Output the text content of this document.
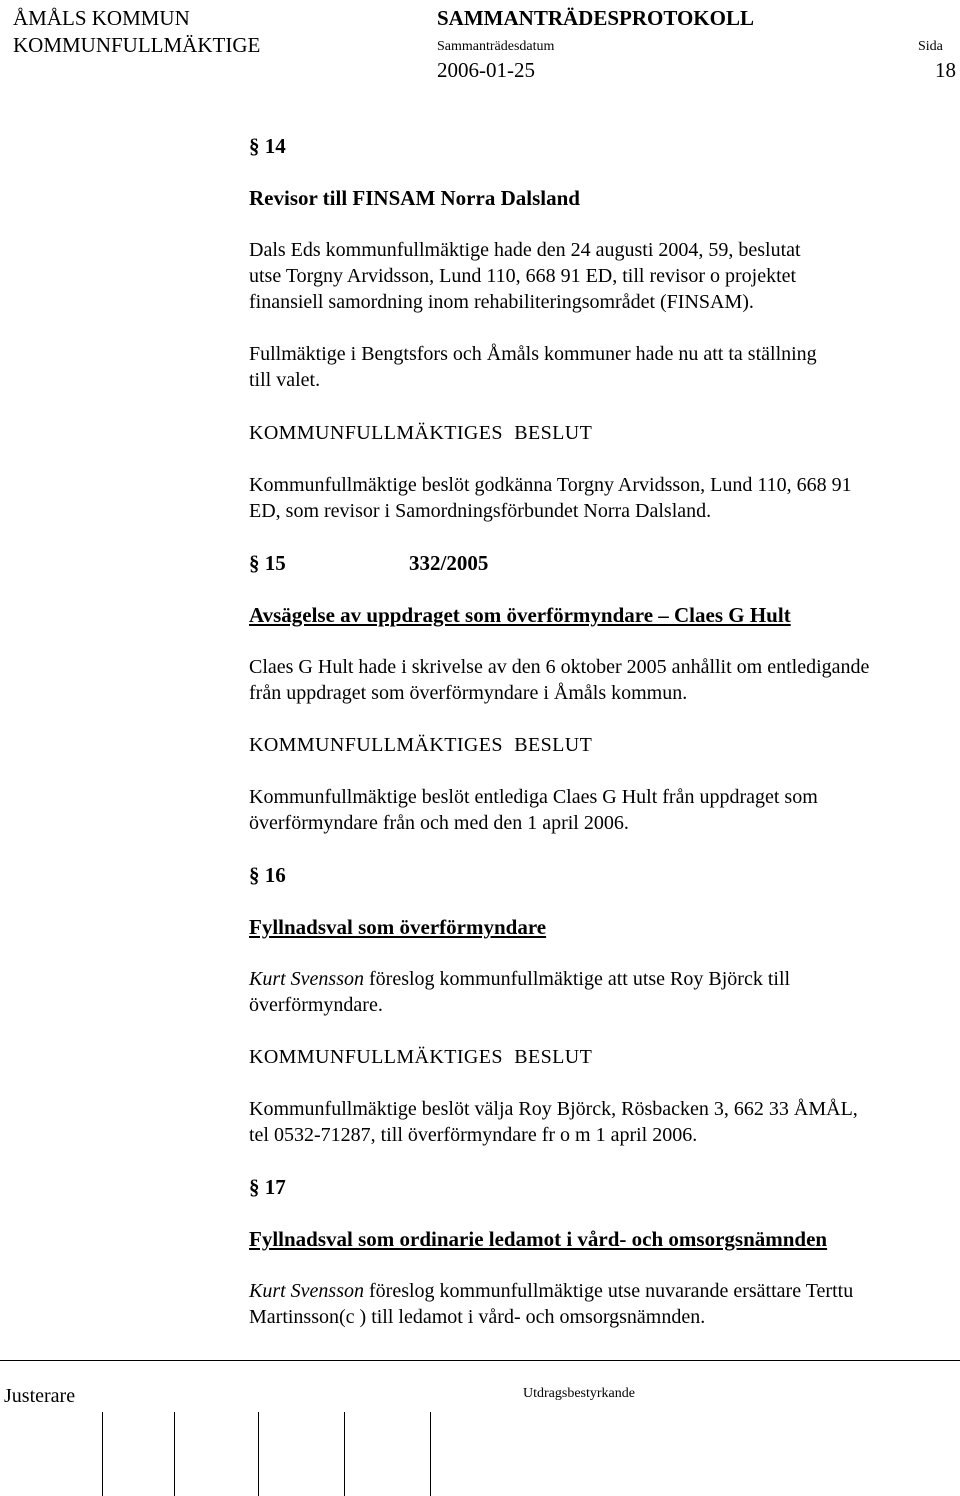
ÅMÅLS KOMMUN
KOMMUNFULLMÄKTIGE
SAMMANTRÄDESPROTOKOLL
Sammanträdesdatum	Sida
2006-01-25	18
§ 14
Revisor till FINSAM Norra Dalsland
Dals Eds kommunfullmäktige hade den 24 augusti 2004, 59, beslutat
utse Torgny Arvidsson, Lund 110, 668 91 ED, till revisor o projektet
finansiell samordning inom rehabiliteringsområdet (FINSAM).
Fullmäktige i Bengtsfors och Åmåls kommuner hade nu att ta ställning
till valet.
KOMMUNFULLMÄKTIGES BESLUT
Kommunfullmäktige beslöt godkänna Torgny Arvidsson, Lund 110, 668 91
ED, som revisor i Samordningsförbundet Norra Dalsland.
§ 15	332/2005
Avsägelse av uppdraget som överförmyndare – Claes G Hult
Claes G Hult hade i skrivelse av den 6 oktober 2005 anhållit om entledigande
från uppdraget som överförmyndare i Åmåls kommun.
KOMMUNFULLMÄKTIGES BESLUT
Kommunfullmäktige beslöt entlediga Claes G Hult från uppdraget som
överförmyndare från och med den 1 april 2006.
§ 16
Fyllnadsval som överförmyndare
Kurt Svensson föreslog kommunfullmäktige att utse Roy Björck till
överförmyndare.
KOMMUNFULLMÄKTIGES BESLUT
Kommunfullmäktige beslöt välja Roy Björck, Rösbacken 3, 662 33 ÅMÅL,
tel 0532-71287, till överförmyndare fr o m 1 april 2006.
§ 17
Fyllnadsval som ordinarie ledamot i vård- och omsorgsnämnden
Kurt Svensson föreslog kommunfullmäktige utse nuvarande ersättare Terttu
Martinsson(c ) till ledamot i vård- och omsorgsnämnden.
Justerare	Utdragsbestyrkande
